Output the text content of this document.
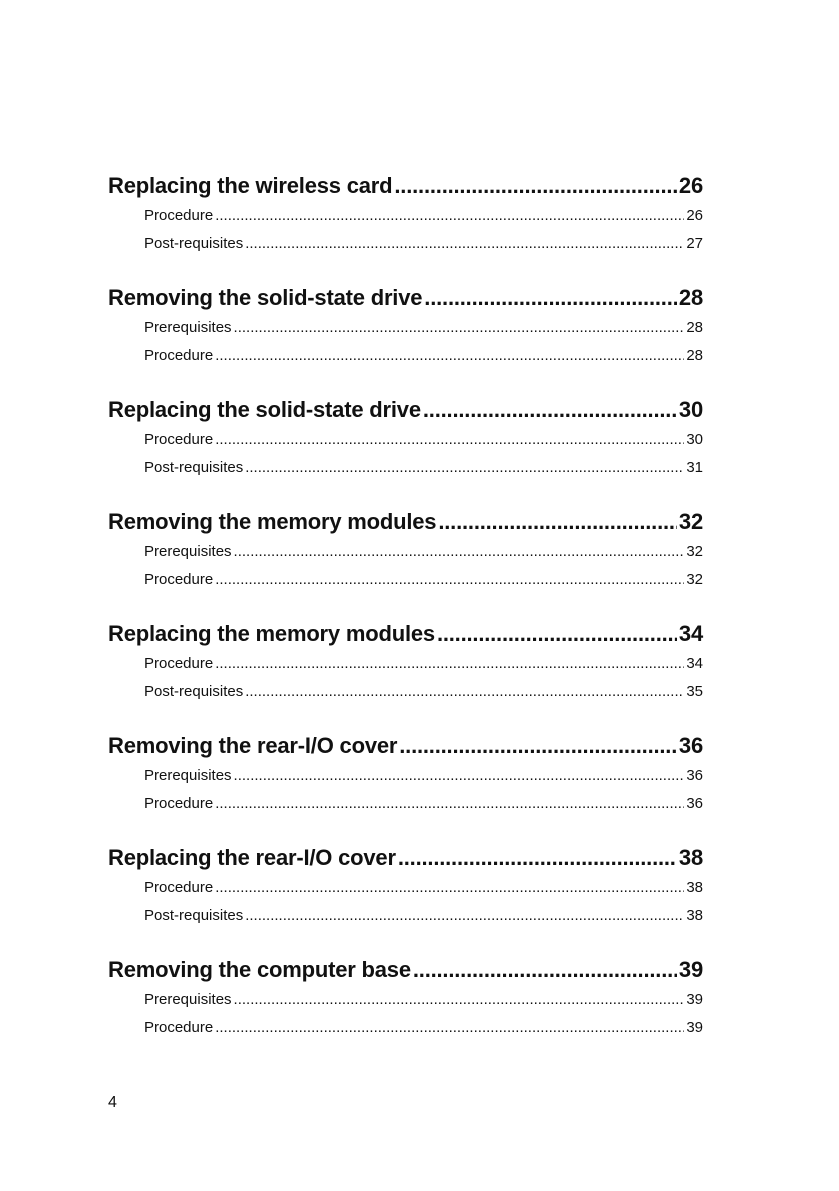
Replacing the wireless card .....	26
Procedure .....	26
Post-requisites .....	27
Removing the solid-state drive .....	28
Prerequisites .....	28
Procedure .....	28
Replacing the solid-state drive .....	30
Procedure .....	30
Post-requisites .....	31
Removing the memory modules .....	32
Prerequisites .....	32
Procedure .....	32
Replacing the memory modules .....	34
Procedure .....	34
Post-requisites .....	35
Removing the rear-I/O cover .....	36
Prerequisites .....	36
Procedure .....	36
Replacing the rear-I/O cover .....	38
Procedure .....	38
Post-requisites .....	38
Removing the computer base .....	39
Prerequisites .....	39
Procedure .....	39
4
